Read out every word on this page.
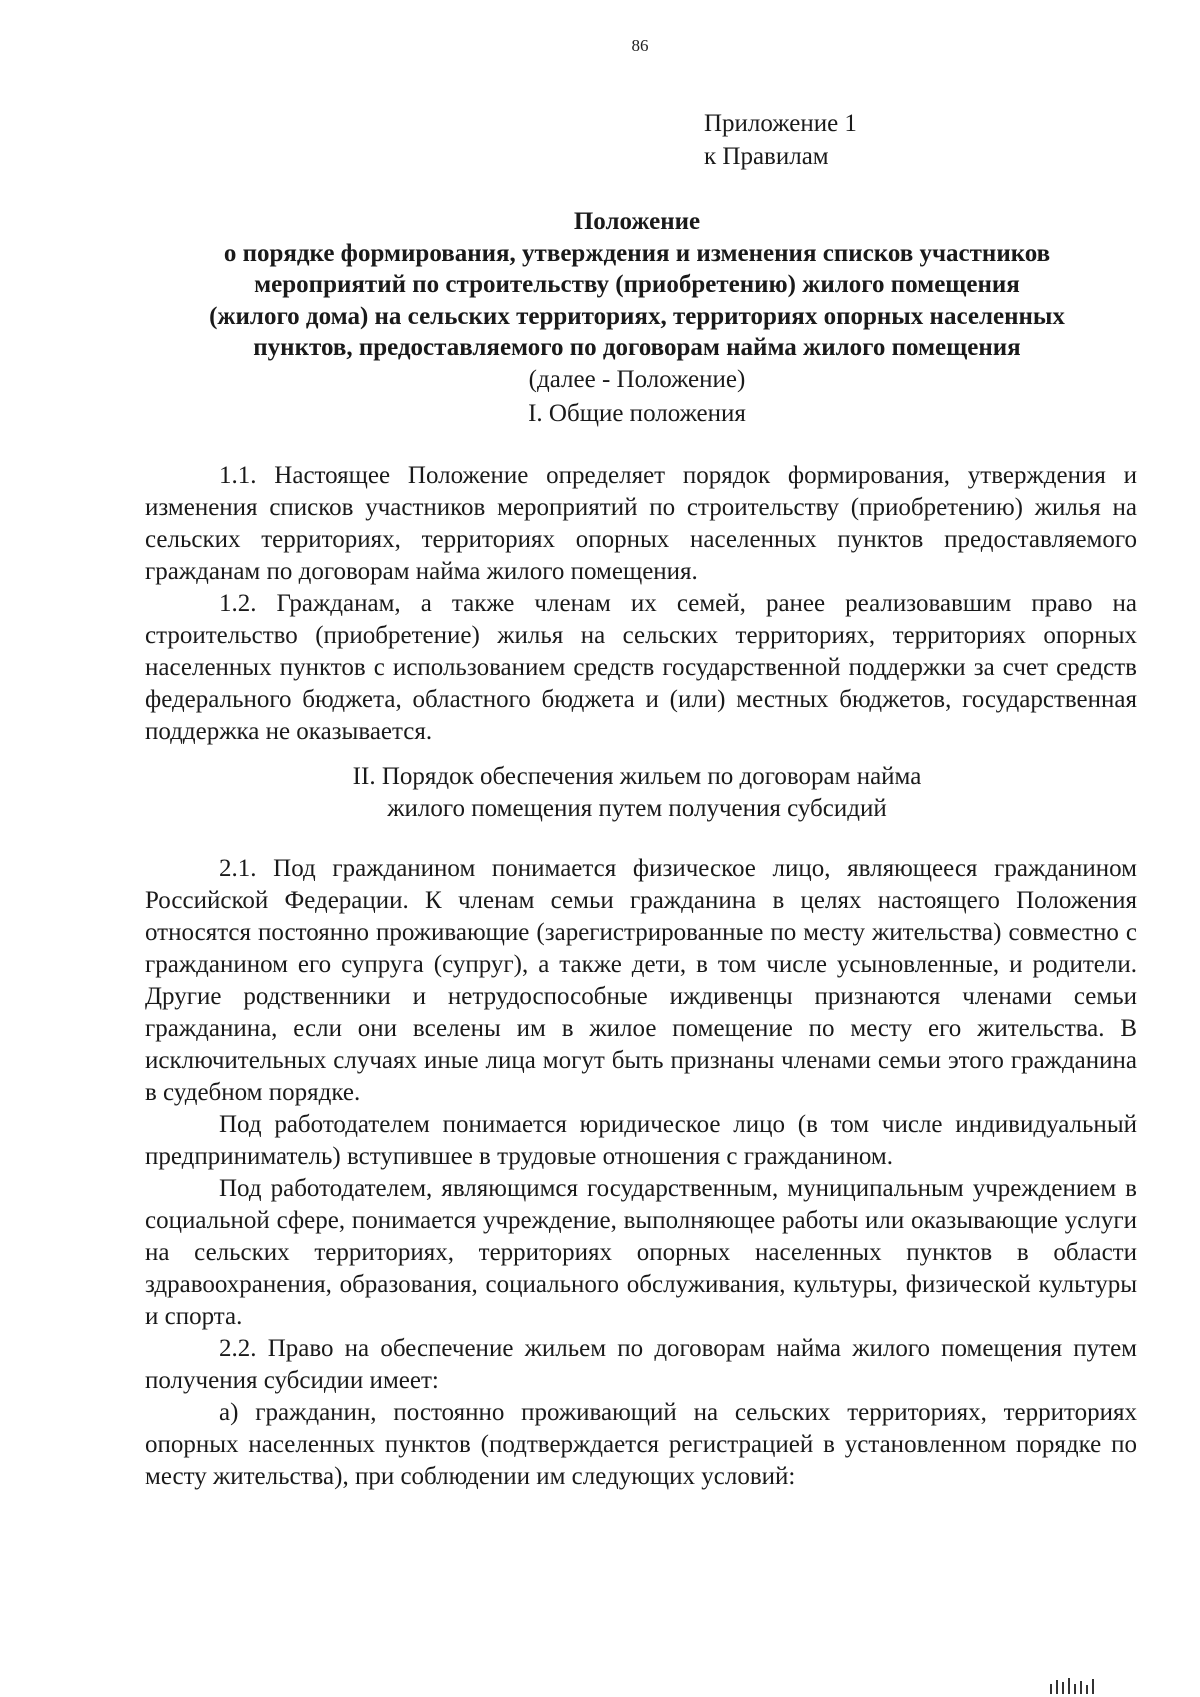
86
Приложение 1
к Правилам
Положение
о порядке формирования, утверждения и изменения списков участников
мероприятий по строительству (приобретению) жилого помещения
(жилого дома) на сельских территориях, территориях опорных населенных
пунктов, предоставляемого по договорам найма жилого помещения
(далее - Положение)
I. Общие положения

1.1. Настоящее Положение определяет порядок формирования, утверждения и изменения списков участников мероприятий по строительству (приобретению) жилья на сельских территориях, территориях опорных населенных пунктов предоставляемого гражданам по договорам найма жилого помещения.

1.2. Гражданам, а также членам их семей, ранее реализовавшим право на строительство (приобретение) жилья на сельских территориях, территориях опорных населенных пунктов с использованием средств государственной поддержки за счет средств федерального бюджета, областного бюджета и (или) местных бюджетов, государственная поддержка не оказывается.

II. Порядок обеспечения жильем по договорам найма
жилого помещения путем получения субсидий

2.1. Под гражданином понимается физическое лицо, являющееся гражданином Российской Федерации. К членам семьи гражданина в целях настоящего Положения относятся постоянно проживающие (зарегистрированные по месту жительства) совместно с гражданином его супруга (супруг), а также дети, в том числе усыновленные, и родители. Другие родственники и нетрудоспособные иждивенцы признаются членами семьи гражданина, если они вселены им в жилое помещение по месту его жительства. В исключительных случаях иные лица могут быть признаны членами семьи этого гражданина в судебном порядке.

Под работодателем понимается юридическое лицо (в том числе индивидуальный предприниматель) вступившее в трудовые отношения с гражданином.

Под работодателем, являющимся государственным, муниципальным учреждением в социальной сфере, понимается учреждение, выполняющее работы или оказывающие услуги на сельских территориях, территориях опорных населенных пунктов в области здравоохранения, образования, социального обслуживания, культуры, физической культуры и спорта.

2.2. Право на обеспечение жильем по договорам найма жилого помещения путем получения субсидии имеет:

а) гражданин, постоянно проживающий на сельских территориях, территориях опорных населенных пунктов (подтверждается регистрацией в установленном порядке по месту жительства), при соблюдении им следующих условий:
